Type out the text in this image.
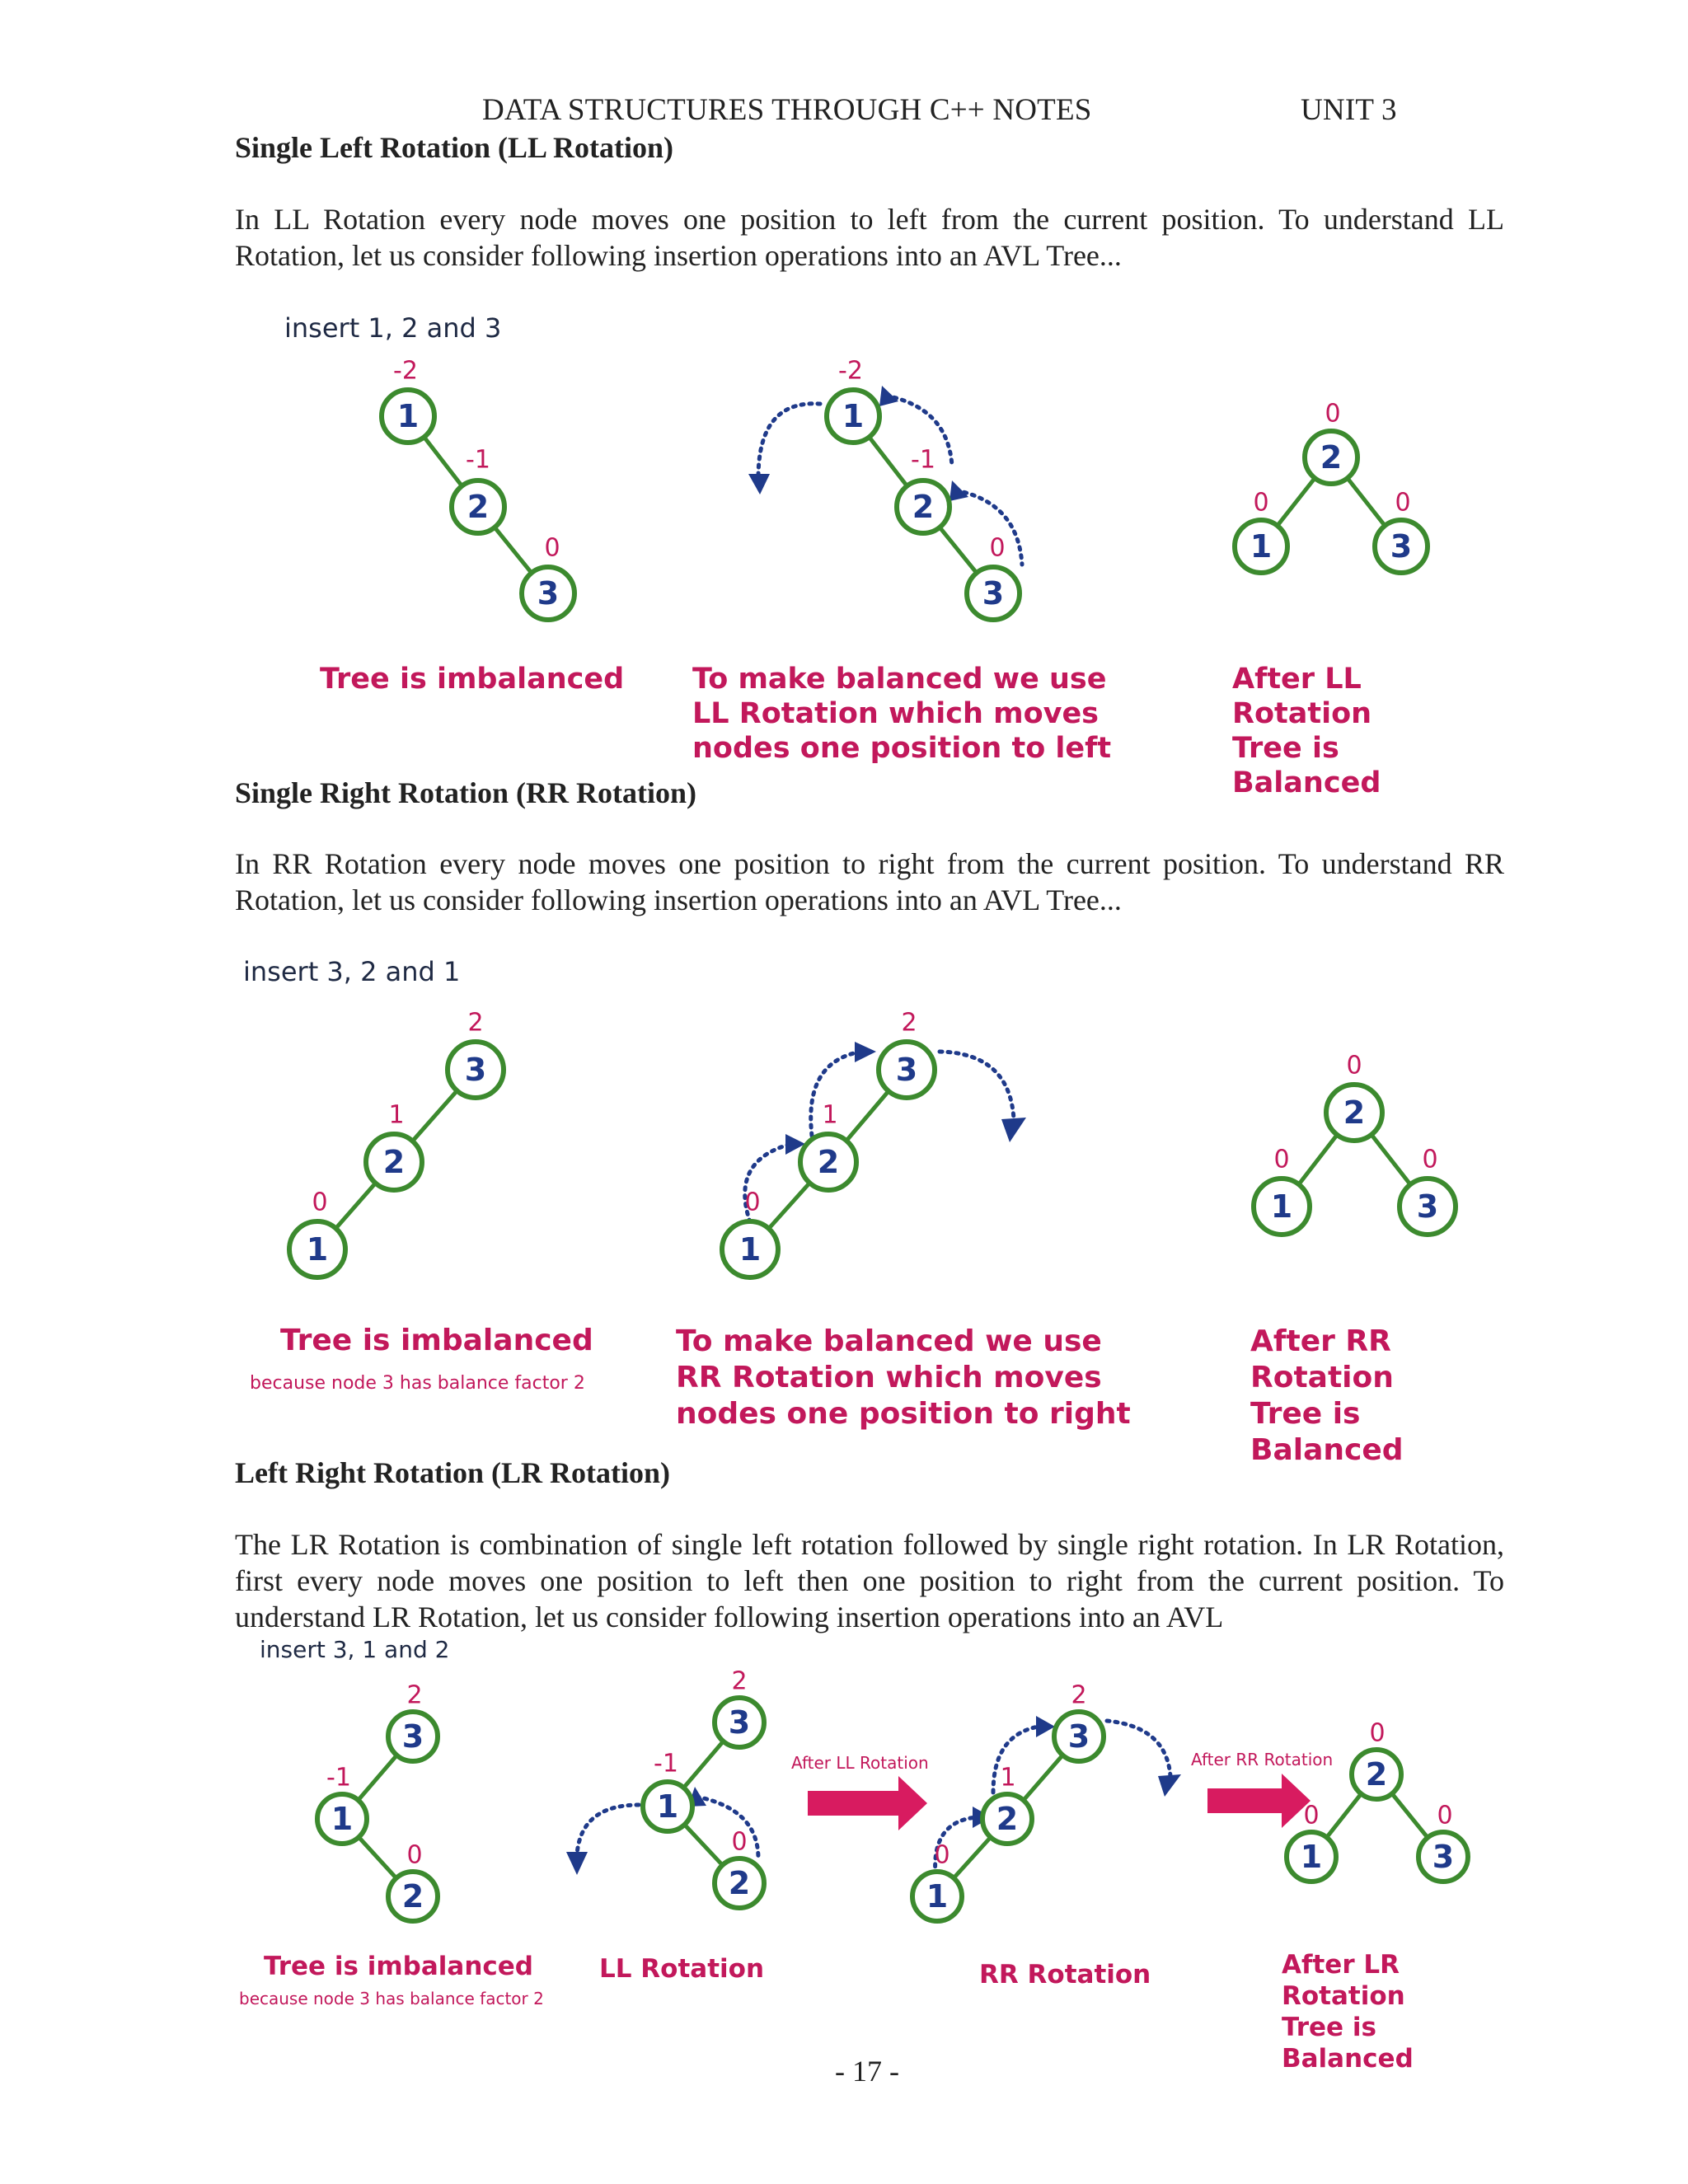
DATA STRUCTURES THROUGH C++ NOTES	UNIT 3

Single Left Rotation (LL Rotation)

In LL Rotation every node moves one position to left from the current position. To understand LL Rotation, let us consider following insertion operations into an AVL Tree...

insert 1, 2 and 3
1
2
3
-2
-1
0
1
2
3
-2
-1
0
2
1	3
0
0	0
Tree is imbalanced To make balanced we use
LL Rotation which moves
nodes one position to left
After LL Rotation
Tree is Balanced

Single Right Rotation (RR Rotation)

In RR Rotation every node moves one position to right from the current position. To understand RR Rotation, let us consider following insertion operations into an AVL Tree...

insert 3, 2 and 1
3
2
1
2
1
0
3
2
1
2
1
0
2
1	3
0
0	0
Tree is imbalanced
because node 3 has balance factor 2
To make balanced we use
RR Rotation which moves
nodes one position to right
After RR Rotation
Tree is Balanced

Left Right Rotation (LR Rotation)

The LR Rotation is combination of single left rotation followed by single right rotation. In LR Rotation, first every node moves one position to left then one position to right from the current position. To understand LR Rotation, let us consider following insertion operations into an AVL

insert 3, 1 and 2
3
1
2
2
-1
0
3
1
2
2
-1
0
3
2
1
2
1
0
2
1	3
0
0	0
After LL Rotation	After RR Rotation
Tree is imbalanced
because node 3 has balance factor 2
LL Rotation	RR Rotation	After LR Rotation
Tree is Balanced

- 17 -
